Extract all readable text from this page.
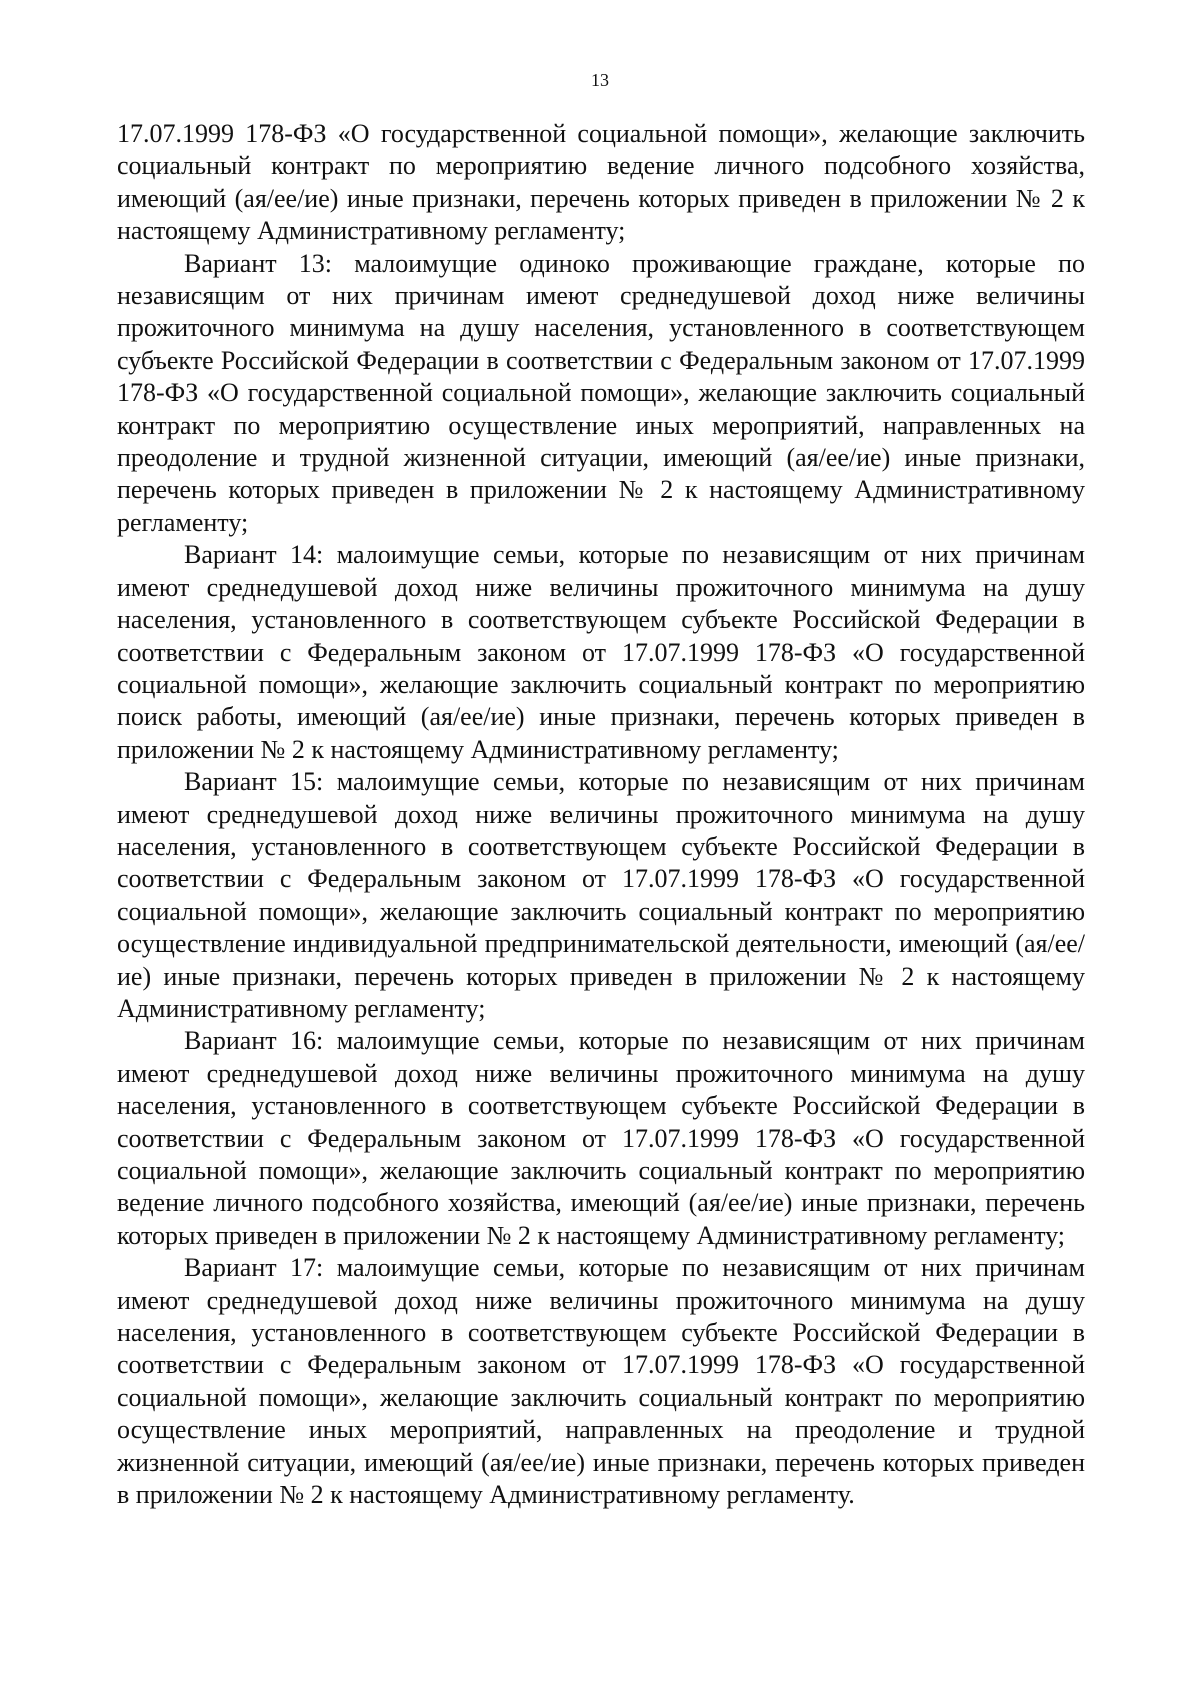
13

17.07.1999 178-ФЗ «О государственной социальной помощи», желающие заключить социальный контракт по мероприятию ведение личного подсобного хозяйства, имеющий (ая/ее/ие) иные признаки, перечень которых приведен в приложении № 2 к настоящему Административному регламенту;

Вариант 13: малоимущие одиноко проживающие граждане, которые по независящим от них причинам имеют среднедушевой доход ниже величины прожиточного минимума на душу населения, установленного в соответствующем субъекте Российской Федерации в соответствии с Федеральным законом от 17.07.1999 178-ФЗ «О государственной социальной помощи», желающие заключить социальный контракт по мероприятию осуществление иных мероприятий, направленных на преодоление и трудной жизненной ситуации, имеющий (ая/ее/ие) иные признаки, перечень которых приведен в приложении № 2 к настоящему Административному регламенту;

Вариант 14: малоимущие семьи, которые по независящим от них причинам имеют среднедушевой доход ниже величины прожиточного минимума на душу населения, установленного в соответствующем субъекте Российской Федерации в соответствии с Федеральным законом от 17.07.1999 178-ФЗ «О государственной социальной помощи», желающие заключить социальный контракт по мероприятию поиск работы, имеющий (ая/ее/ие) иные признаки, перечень которых приведен в приложении № 2 к настоящему Административному регламенту;

Вариант 15: малоимущие семьи, которые по независящим от них причинам имеют среднедушевой доход ниже величины прожиточного минимума на душу населения, установленного в соответствующем субъекте Российской Федерации в соответствии с Федеральным законом от 17.07.1999 178-ФЗ «О государственной социальной помощи», желающие заключить социальный контракт по мероприятию осуществление индивидуальной предпринимательской деятельности, имеющий (ая/ее/ие) иные признаки, перечень которых приведен в приложении № 2 к настоящему Административному регламенту;

Вариант 16: малоимущие семьи, которые по независящим от них причинам имеют среднедушевой доход ниже величины прожиточного минимума на душу населения, установленного в соответствующем субъекте Российской Федерации в соответствии с Федеральным законом от 17.07.1999 178-ФЗ «О государственной социальной помощи», желающие заключить социальный контракт по мероприятию ведение личного подсобного хозяйства, имеющий (ая/ее/ие) иные признаки, перечень которых приведен в приложении № 2 к настоящему Административному регламенту;

Вариант 17: малоимущие семьи, которые по независящим от них причинам имеют среднедушевой доход ниже величины прожиточного минимума на душу населения, установленного в соответствующем субъекте Российской Федерации в соответствии с Федеральным законом от 17.07.1999 178-ФЗ «О государственной социальной помощи», желающие заключить социальный контракт по мероприятию осуществление иных мероприятий, направленных на преодоление и трудной жизненной ситуации, имеющий (ая/ее/ие) иные признаки, перечень которых приведен в приложении № 2 к настоящему Административному регламенту.
